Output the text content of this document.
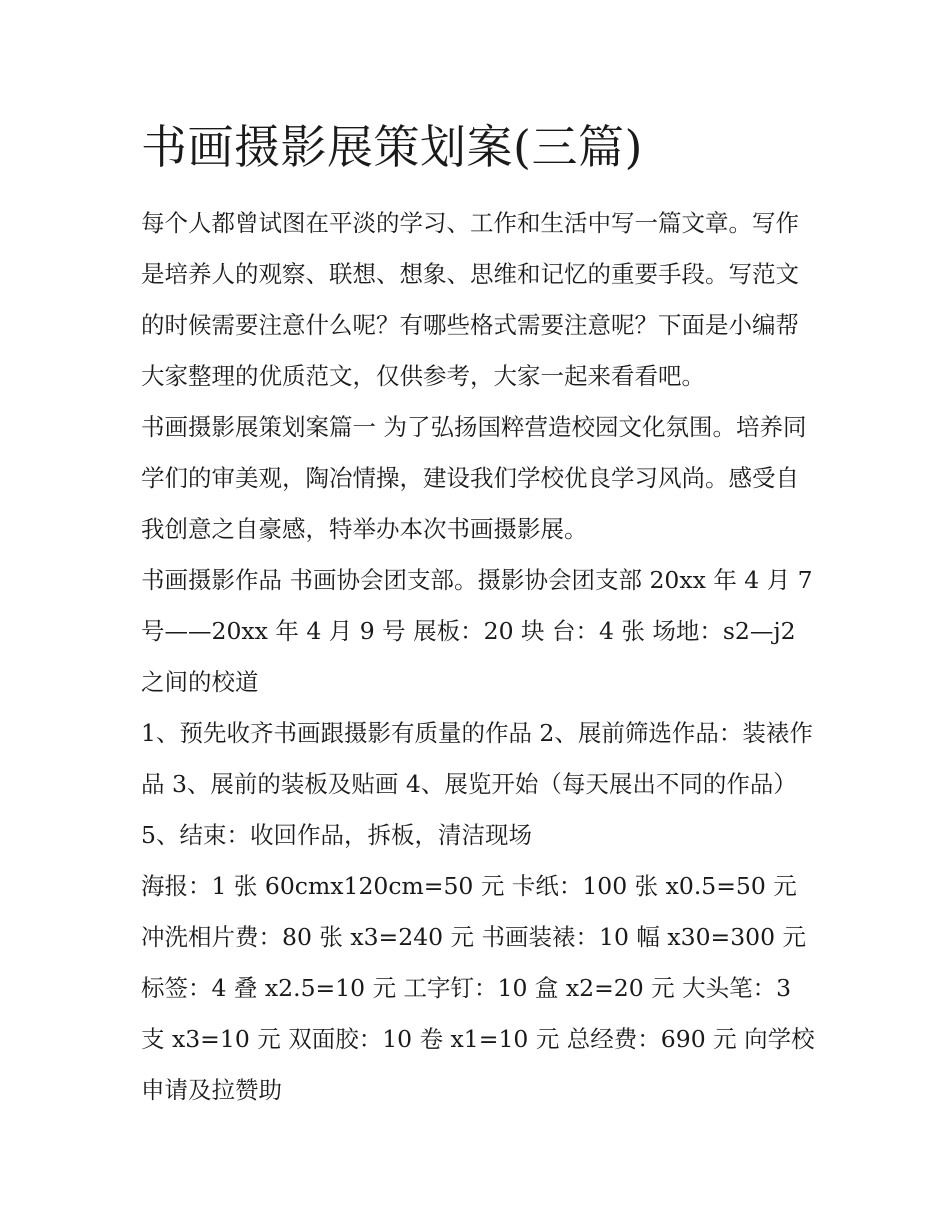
书画摄影展策划案(三篇)

每个人都曾试图在平淡的学习、工作和生活中写一篇文章。写作是培养人的观察、联想、想象、思维和记忆的重要手段。写范文的时候需要注意什么呢？有哪些格式需要注意呢？下面是小编帮大家整理的优质范文，仅供参考，大家一起来看看吧。

书画摄影展策划案篇一 为了弘扬国粹营造校园文化氛围。培养同学们的审美观，陶冶情操，建设我们学校优良学习风尚。感受自我创意之自豪感，特举办本次书画摄影展。

书画摄影作品 书画协会团支部。摄影协会团支部 20xx 年 4 月 7 号——20xx 年 4 月 9 号 展板：20 块 台：4 张 场地：s2—j2 之间的校道

1、预先收齐书画跟摄影有质量的作品 2、展前筛选作品：装裱作品 3、展前的装板及贴画 4、展览开始（每天展出不同的作品） 5、结束：收回作品，拆板，清洁现场

海报：1 张 60cmx120cm=50 元 卡纸：100 张 x0.5=50 元 冲洗相片费：80 张 x3=240 元 书画装裱：10 幅 x30=300 元

标签：4 叠 x2.5=10 元 工字钉：10 盒 x2=20 元 大头笔：3 支 x3=10 元 双面胶：10 卷 x1=10 元 总经费：690 元 向学校申请及拉赞助
